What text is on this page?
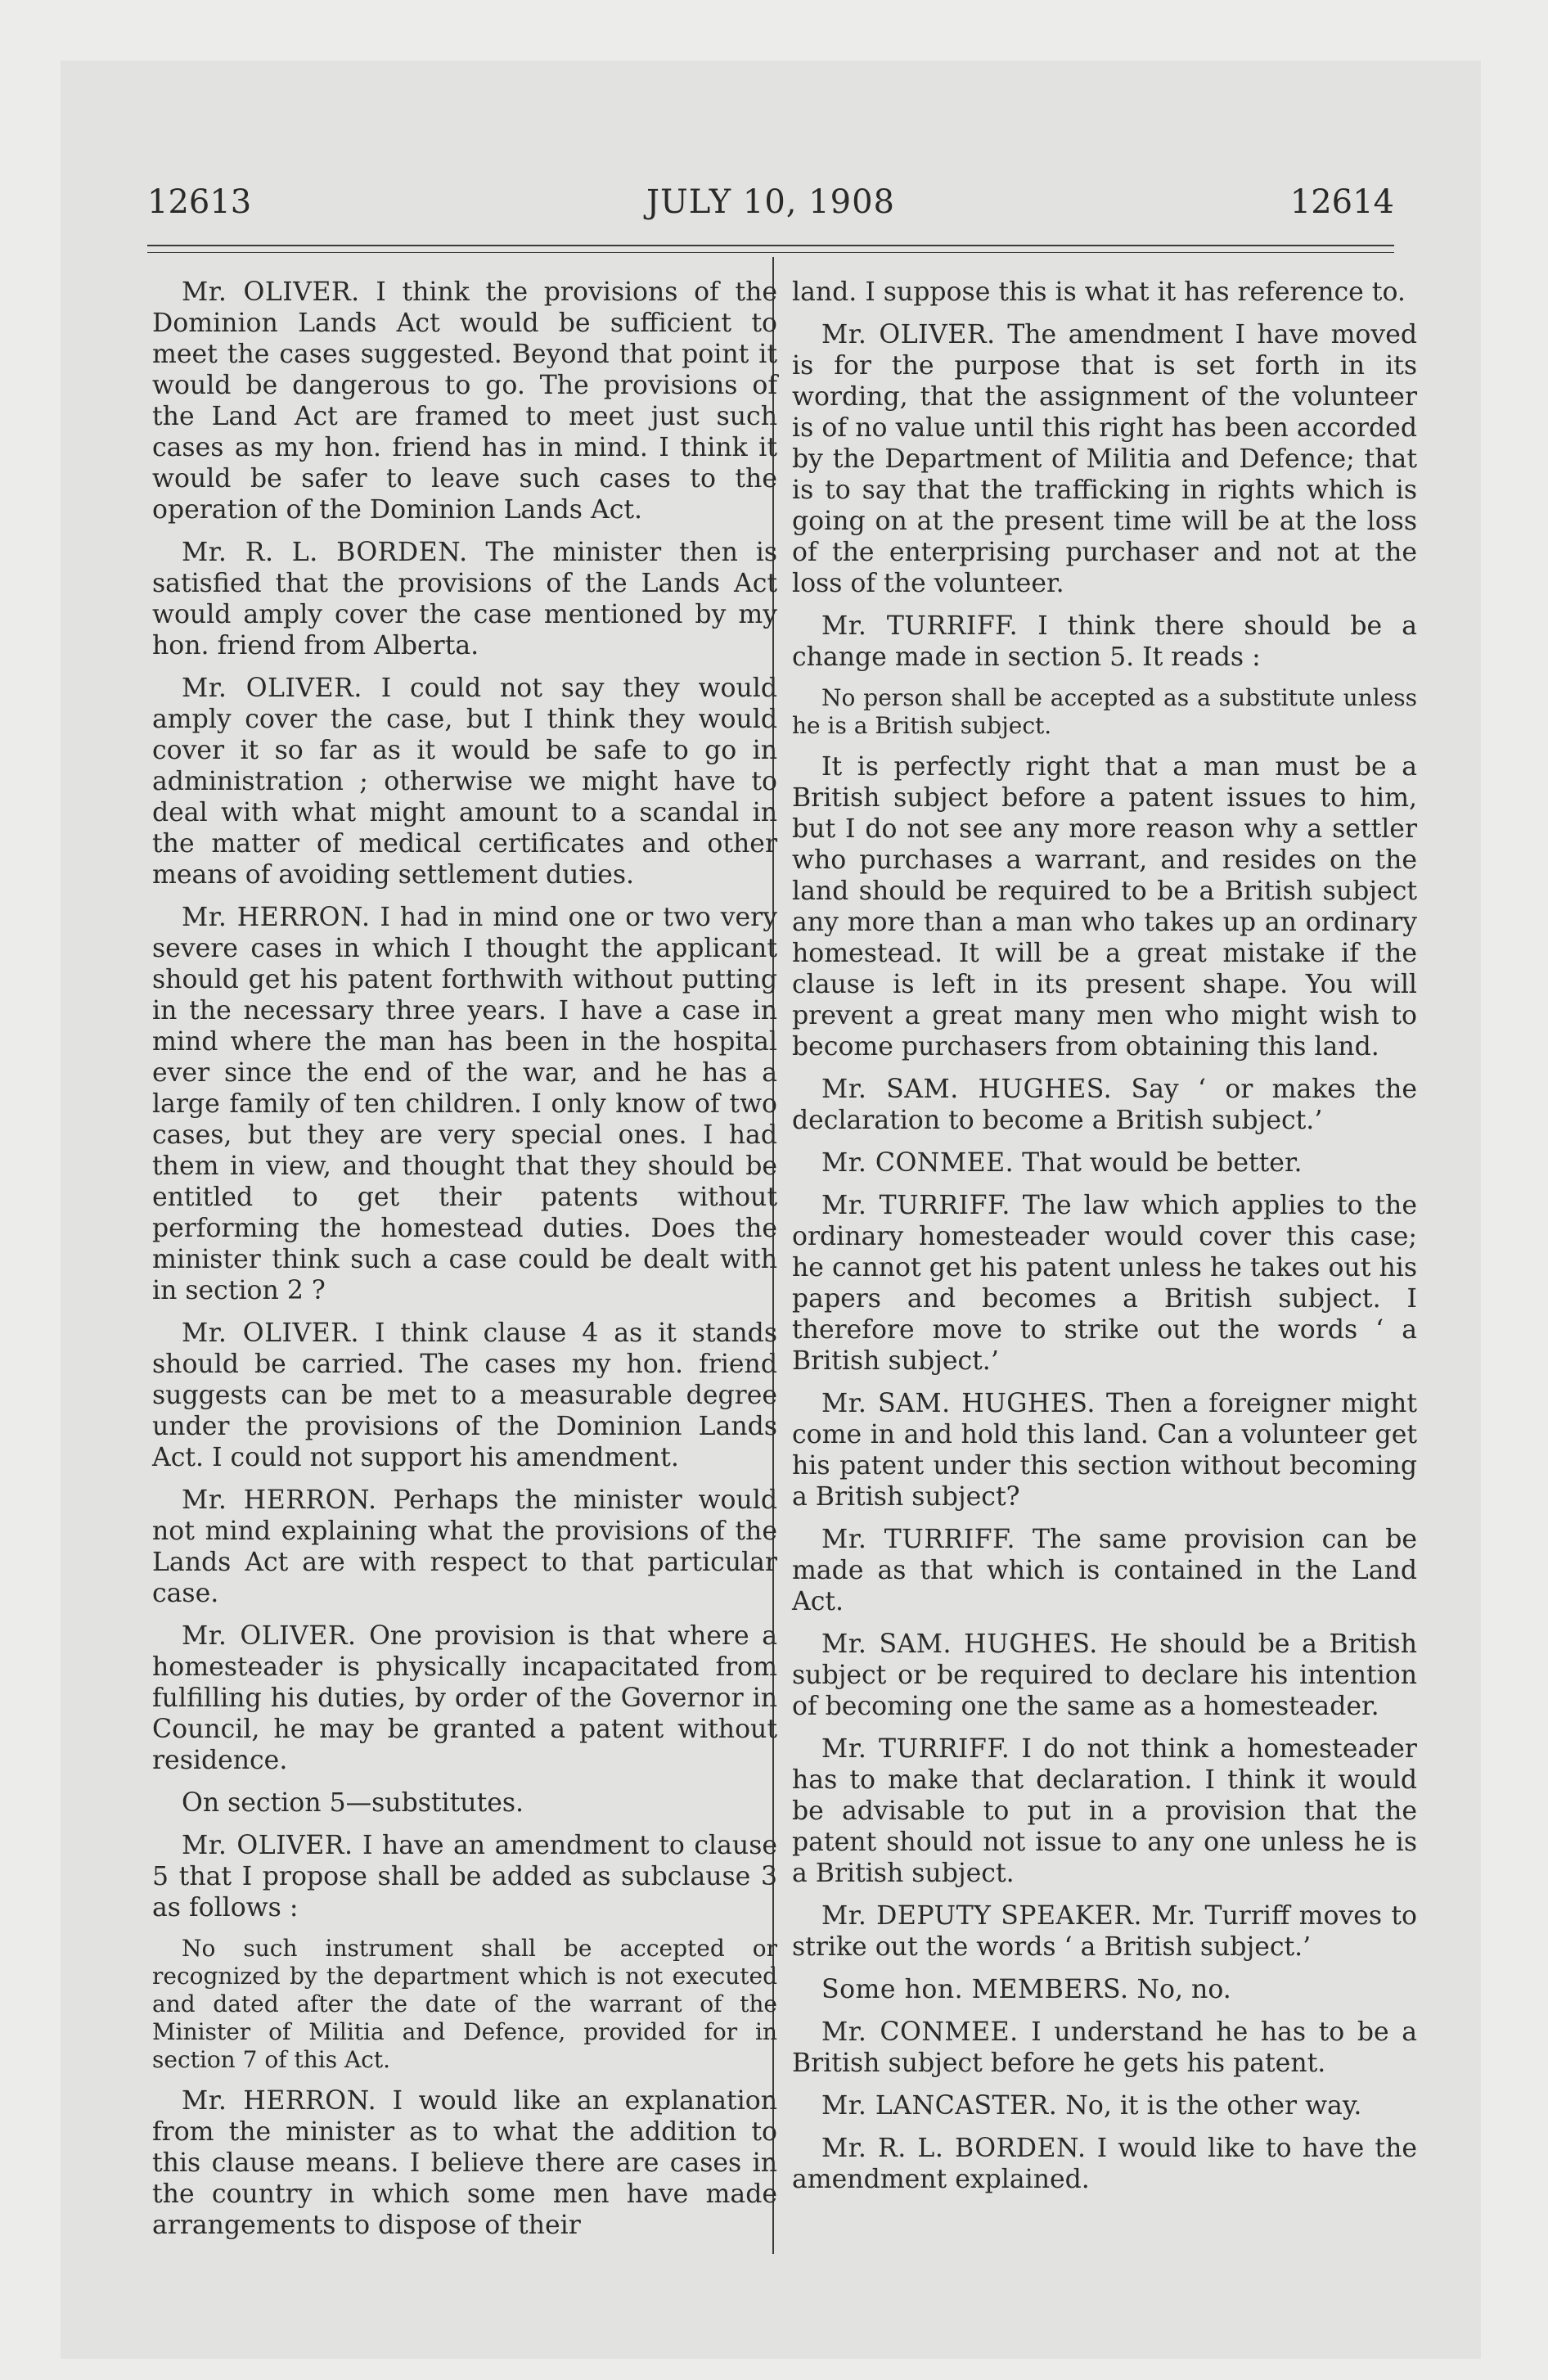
12613	JULY 10, 1908	12614

Mr. OLIVER. I think the provisions of the Dominion Lands Act would be sufficient to meet the cases suggested. Beyond that point it would be dangerous to go. The provisions of the Land Act are framed to meet just such cases as my hon. friend has in mind. I think it would be safer to leave such cases to the operation of the Dominion Lands Act.

Mr. R. L. BORDEN. The minister then is satisfied that the provisions of the Lands Act would amply cover the case mentioned by my hon. friend from Alberta.

Mr. OLIVER. I could not say they would amply cover the case, but I think they would cover it so far as it would be safe to go in administration ; otherwise we might have to deal with what might amount to a scandal in the matter of medical certificates and other means of avoiding settlement duties.

Mr. HERRON. I had in mind one or two very severe cases in which I thought the applicant should get his patent forthwith without putting in the necessary three years. I have a case in mind where the man has been in the hospital ever since the end of the war, and he has a large family of ten children. I only know of two cases, but they are very special ones. I had them in view, and thought that they should be entitled to get their patents without performing the homestead duties. Does the minister think such a case could be dealt with in section 2 ?

Mr. OLIVER. I think clause 4 as it stands should be carried. The cases my hon. friend suggests can be met to a measurable degree under the provisions of the Dominion Lands Act. I could not support his amendment.

Mr. HERRON. Perhaps the minister would not mind explaining what the provisions of the Lands Act are with respect to that particular case.

Mr. OLIVER. One provision is that where a homesteader is physically incapacitated from fulfilling his duties, by order of the Governor in Council, he may be granted a patent without residence.

On section 5—substitutes.

Mr. OLIVER. I have an amendment to clause 5 that I propose shall be added as subclause 3 as follows :

No such instrument shall be accepted or recognized by the department which is not executed and dated after the date of the warrant of the Minister of Militia and Defence, provided for in section 7 of this Act.

Mr. HERRON. I would like an explanation from the minister as to what the addition to this clause means. I believe there are cases in the country in which some men have made arrangements to dispose of their

land. I suppose this is what it has reference to.

Mr. OLIVER. The amendment I have moved is for the purpose that is set forth in its wording, that the assignment of the volunteer is of no value until this right has been accorded by the Department of Militia and Defence; that is to say that the trafficking in rights which is going on at the present time will be at the loss of the enterprising purchaser and not at the loss of the volunteer.

Mr. TURRIFF. I think there should be a change made in section 5. It reads :

No person shall be accepted as a substitute unless he is a British subject.

It is perfectly right that a man must be a British subject before a patent issues to him, but I do not see any more reason why a settler who purchases a warrant, and resides on the land should be required to be a British subject any more than a man who takes up an ordinary homestead. It will be a great mistake if the clause is left in its present shape. You will prevent a great many men who might wish to become purchasers from obtaining this land.

Mr. SAM. HUGHES. Say ‘ or makes the declaration to become a British subject.’

Mr. CONMEE. That would be better.

Mr. TURRIFF. The law which applies to the ordinary homesteader would cover this case; he cannot get his patent unless he takes out his papers and becomes a British subject. I therefore move to strike out the words ‘ a British subject.’

Mr. SAM. HUGHES. Then a foreigner might come in and hold this land. Can a volunteer get his patent under this section without becoming a British subject?

Mr. TURRIFF. The same provision can be made as that which is contained in the Land Act.

Mr. SAM. HUGHES. He should be a British subject or be required to declare his intention of becoming one the same as a homesteader.

Mr. TURRIFF. I do not think a homesteader has to make that declaration. I think it would be advisable to put in a provision that the patent should not issue to any one unless he is a British subject.

Mr. DEPUTY SPEAKER. Mr. Turriff moves to strike out the words ‘ a British subject.’

Some hon. MEMBERS. No, no.

Mr. CONMEE. I understand he has to be a British subject before he gets his patent.

Mr. LANCASTER. No, it is the other way.

Mr. R. L. BORDEN. I would like to have the amendment explained.
